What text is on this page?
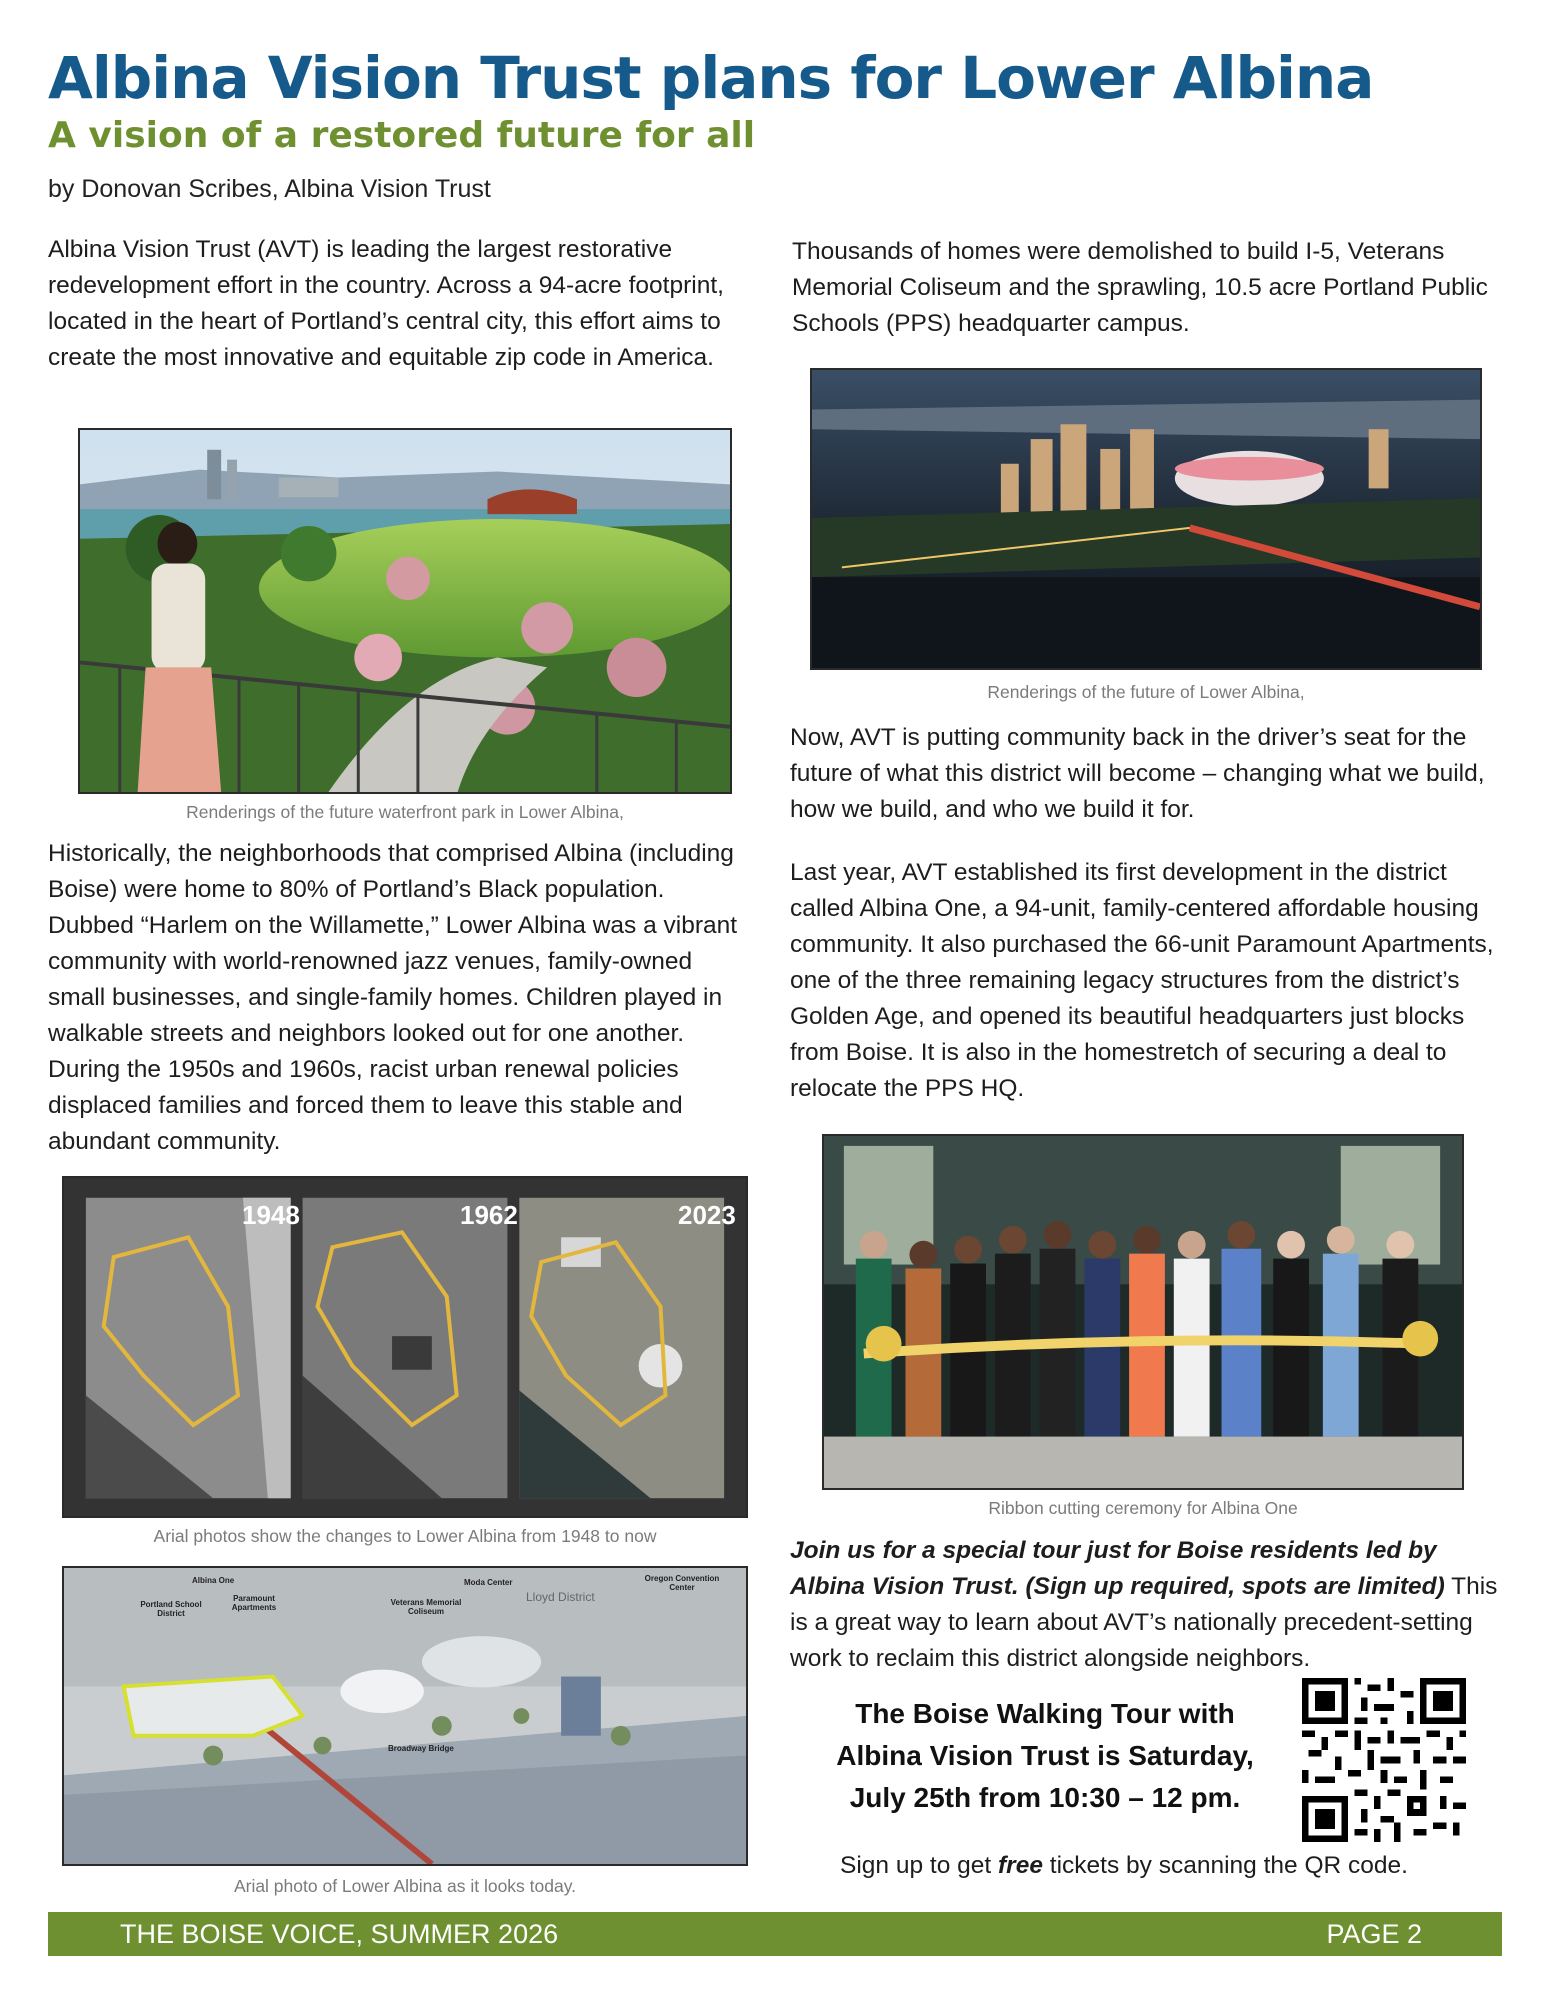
Albina Vision Trust plans for Lower Albina
A vision of a restored future for all
by Donovan Scribes, Albina Vision Trust
Albina Vision Trust (AVT) is leading the largest restorative redevelopment effort in the country. Across a 94-acre footprint, located in the heart of Portland’s central city, this effort aims to create the most innovative and equitable zip code in America.
Renderings of the future waterfront park in Lower Albina,
Historically, the neighborhoods that comprised Albina (including Boise) were home to 80% of Portland’s Black population. Dubbed “Harlem on the Willamette,” Lower Albina was a vibrant community with world-renowned jazz venues, family-owned small businesses, and single-family homes. Children played in walkable streets and neighbors looked out for one another. During the 1950s and 1960s, racist urban renewal policies displaced families and forced them to leave this stable and abundant community.
1948	1962	2023
Arial photos show the changes to Lower Albina from 1948 to now
Albina One
Portland School District
Paramount Apartments
Veterans Memorial Coliseum
Moda Center
Lloyd District
Oregon Convention Center
Broadway Bridge
Arial photo of Lower Albina as it looks today.
Thousands of homes were demolished to build I-5, Veterans Memorial Coliseum and the sprawling, 10.5 acre Portland Public Schools (PPS) headquarter campus.
Renderings of the future of Lower Albina,
Now, AVT is putting community back in the driver’s seat for the future of what this district will become – changing what we build, how we build, and who we build it for.
Last year, AVT established its first development in the district called Albina One, a 94-unit, family-centered affordable housing community. It also purchased the 66-unit Paramount Apartments, one of the three remaining legacy structures from the district’s Golden Age, and opened its beautiful headquarters just blocks from Boise. It is also in the homestretch of securing a deal to relocate the PPS HQ.
Ribbon cutting ceremony for Albina One
Join us for a special tour just for Boise residents led by Albina Vision Trust. (Sign up required, spots are limited) This is a great way to learn about AVT’s nationally precedent-setting work to reclaim this district alongside neighbors.
The Boise Walking Tour with
Albina Vision Trust is Saturday,
July 25th from 10:30 – 12 pm.
Sign up to get free tickets by scanning the QR code.
THE BOISE VOICE, SUMMER 2026	PAGE 2
